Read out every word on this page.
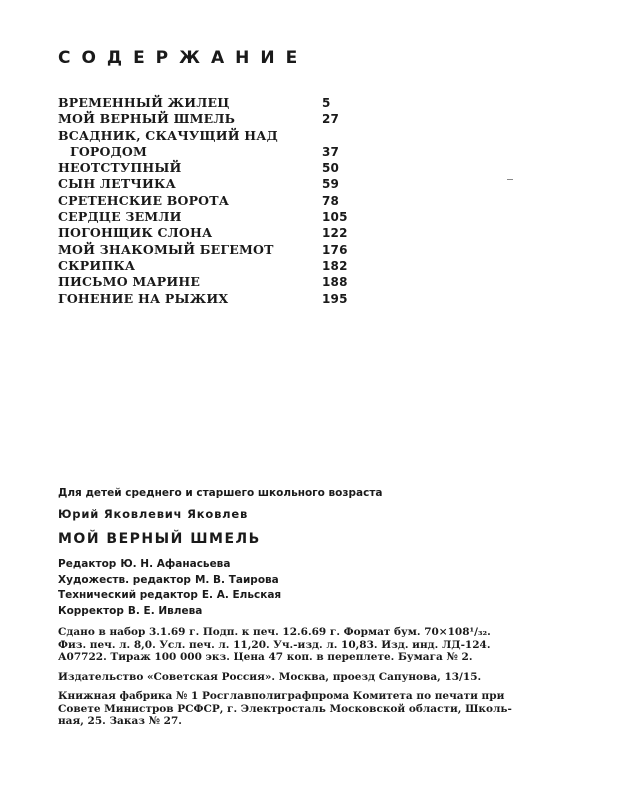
СОДЕРЖАНИЕ
ВРЕМЕННЫЙ ЖИЛЕЦ	5
МОЙ ВЕРНЫЙ ШМЕЛЬ	27
ВСАДНИК, СКАЧУЩИЙ НАД
ГОРОДОМ	37
НЕОТСТУПНЫЙ	50
СЫН ЛЕТЧИКА	59
СРЕТЕНСКИЕ ВОРОТА	78
СЕРДЦЕ ЗЕМЛИ	105
ПОГОНЩИК СЛОНА	122
МОЙ ЗНАКОМЫЙ БЕГЕМОТ	176
СКРИПКА	182
ПИСЬМО МАРИНЕ	188
ГОНЕНИЕ НА РЫЖИХ	195

Для детей среднего и старшего школьного возраста

Юрий Яковлевич Яковлев

МОЙ ВЕРНЫЙ ШМЕЛЬ

Редактор Ю. Н. Афанасьева
Художеств. редактор М. В. Таирова
Технический редактор Е. А. Ельская
Корректор В. Е. Ивлева
Сдано в набор 3.1.69 г. Подп. к печ. 12.6.69 г. Формат бум. 70×108¹/₃₂.
Физ. печ. л. 8,0. Усл. печ. л. 11,20. Уч.-изд. л. 10,83. Изд. инд. ЛД-124.
А07722. Тираж 100 000 экз. Цена 47 коп. в переплете. Бумага № 2.
Издательство «Советская Россия». Москва, проезд Сапунова, 13/15.
Книжная фабрика № 1 Росглавполиграфпрома Комитета по печати при
Совете Министров РСФСР, г. Электросталь Московской области, Школь-
ная, 25. Заказ № 27.
